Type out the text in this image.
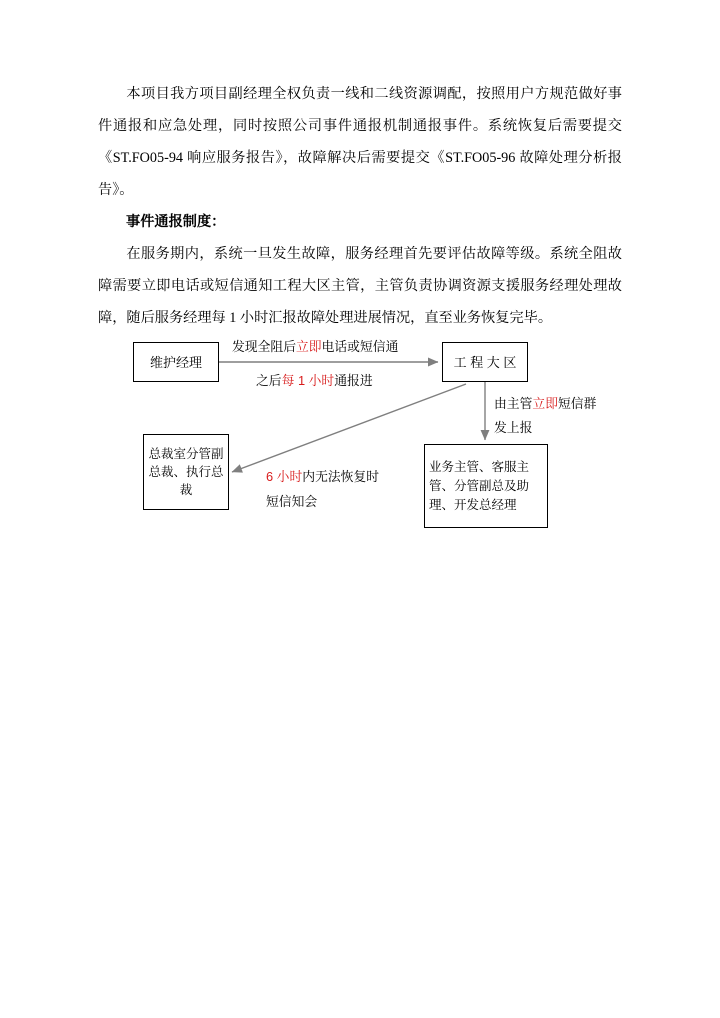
本项目我方项目副经理全权负责一线和二线资源调配，按照用户方规范做好事件通报和应急处理，同时按照公司事件通报机制通报事件。系统恢复后需要提交《ST.FO05-94 响应服务报告》，故障解决后需要提交《ST.FO05-96 故障处理分析报告》。

事件通报制度：

在服务期内，系统一旦发生故障，服务经理首先要评估故障等级。系统全阻故障需要立即电话或短信通知工程大区主管，主管负责协调资源支援服务经理处理故障，随后服务经理每 1 小时汇报故障处理进展情况，直至业务恢复完毕。

维护经理	工 程 大 区
总裁室分管副总裁、执行总裁
业务主管、客服主管、分管副总及助理、开发总经理
发现全阻后立即电话或短信通
之后每 1 小时通报进
由主管立即短信群发上报
6 小时内无法恢复时短信知会
